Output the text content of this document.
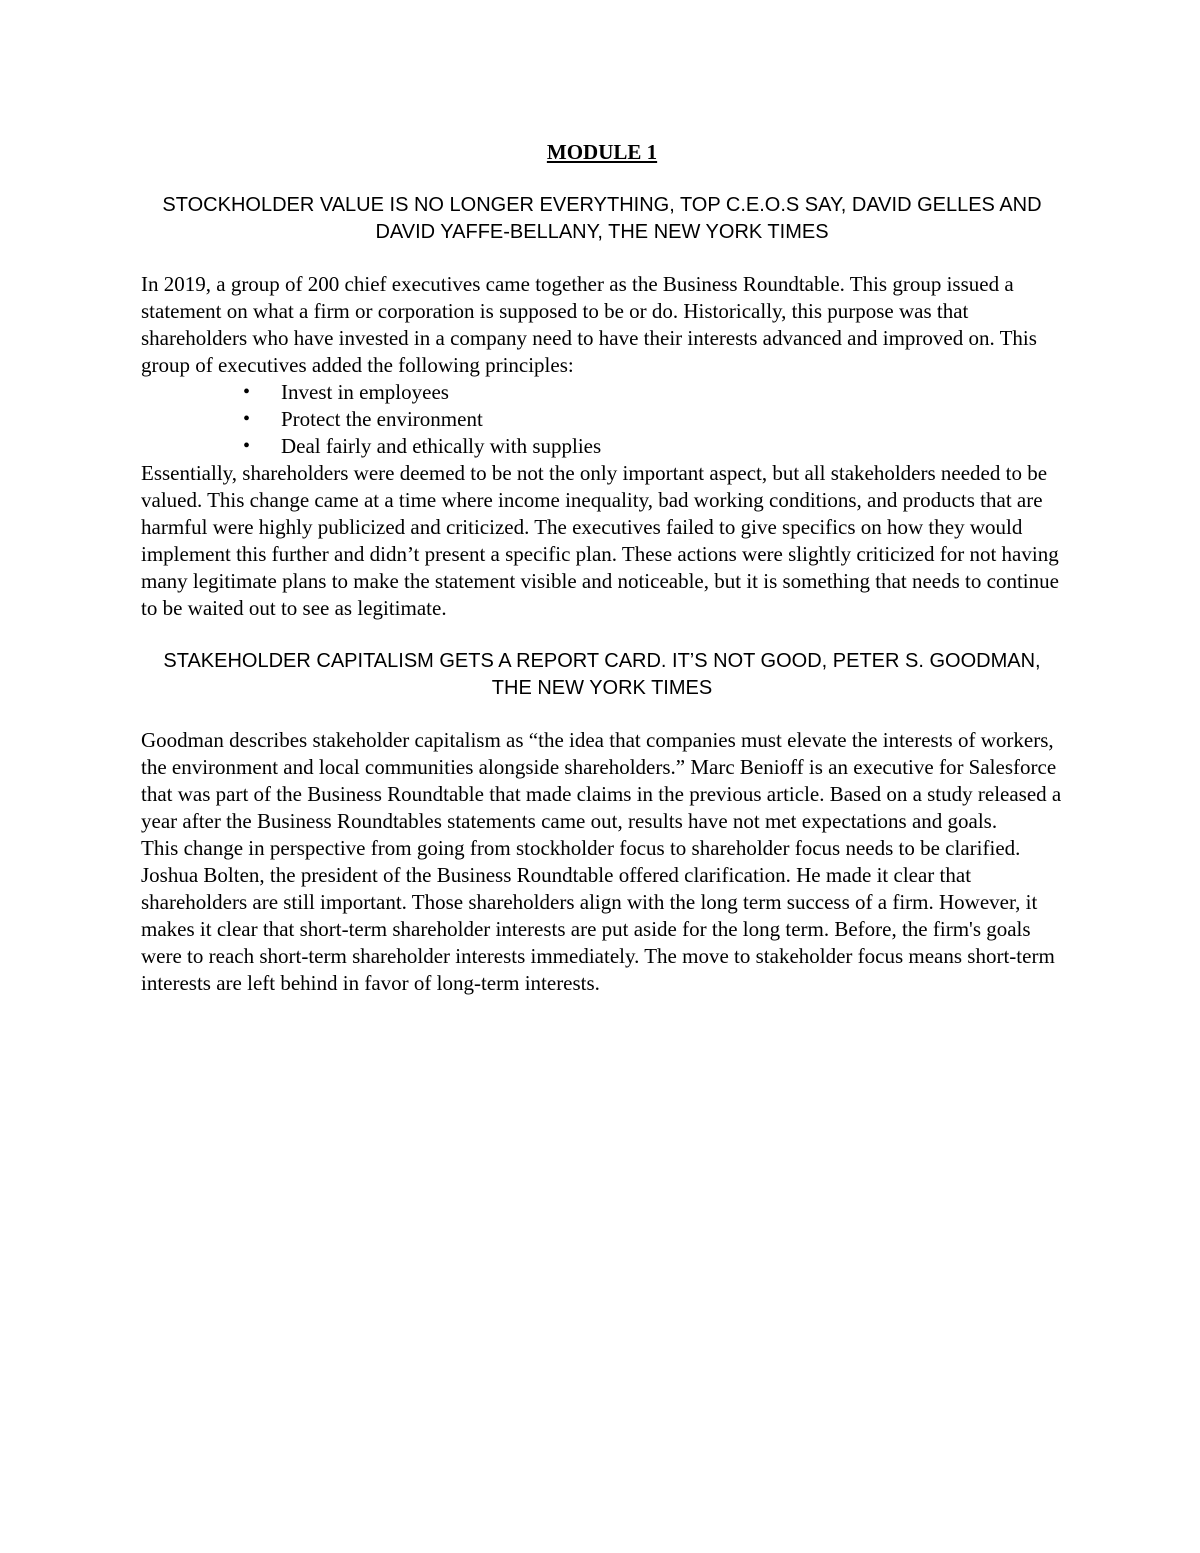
MODULE 1

STOCKHOLDER VALUE IS NO LONGER EVERYTHING, TOP C.E.O.S SAY, DAVID GELLES AND DAVID YAFFE-BELLANY, THE NEW YORK TIMES

In 2019, a group of 200 chief executives came together as the Business Roundtable. This group issued a statement on what a firm or corporation is supposed to be or do. Historically, this purpose was that shareholders who have invested in a company need to have their interests advanced and improved on. This group of executives added the following principles:

• Invest in employees
• Protect the environment
• Deal fairly and ethically with supplies

Essentially, shareholders were deemed to be not the only important aspect, but all stakeholders needed to be valued. This change came at a time where income inequality, bad working conditions, and products that are harmful were highly publicized and criticized. The executives failed to give specifics on how they would implement this further and didn’t present a specific plan. These actions were slightly criticized for not having many legitimate plans to make the statement visible and noticeable, but it is something that needs to continue to be waited out to see as legitimate.

STAKEHOLDER CAPITALISM GETS A REPORT CARD. IT’S NOT GOOD, PETER S. GOODMAN, THE NEW YORK TIMES

Goodman describes stakeholder capitalism as “the idea that companies must elevate the interests of workers, the environment and local communities alongside shareholders.” Marc Benioff is an executive for Salesforce that was part of the Business Roundtable that made claims in the previous article. Based on a study released a year after the Business Roundtables statements came out, results have not met expectations and goals.

This change in perspective from going from stockholder focus to shareholder focus needs to be clarified. Joshua Bolten, the president of the Business Roundtable offered clarification. He made it clear that shareholders are still important. Those shareholders align with the long term success of a firm. However, it makes it clear that short-term shareholder interests are put aside for the long term. Before, the firm's goals were to reach short-term shareholder interests immediately. The move to stakeholder focus means short-term interests are left behind in favor of long-term interests.
